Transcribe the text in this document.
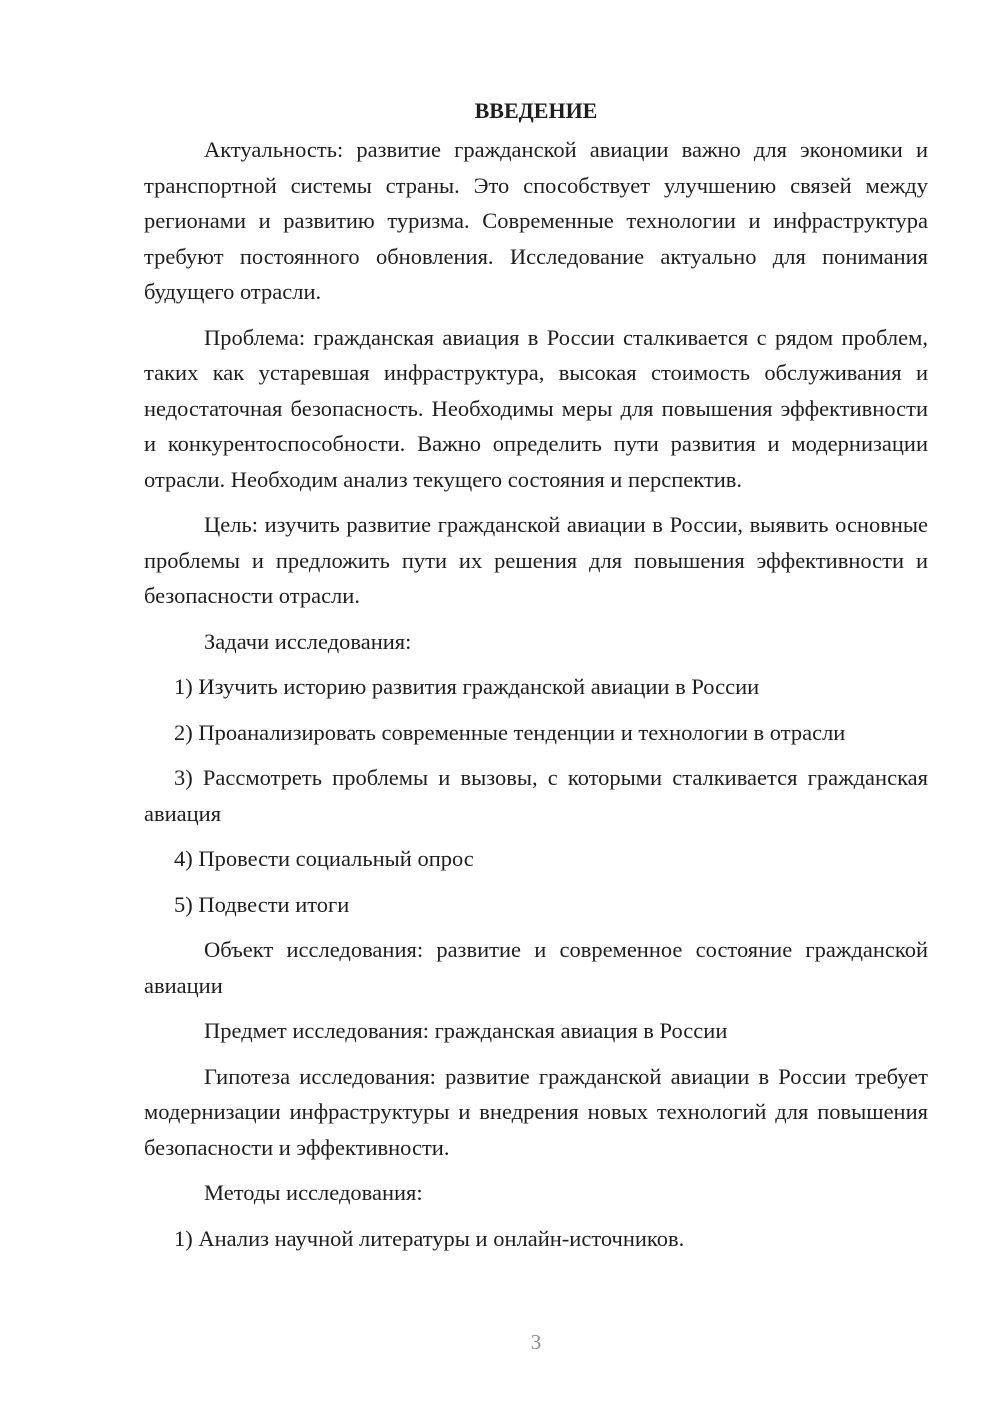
ВВЕДЕНИЕ

Актуальность: развитие гражданской авиации важно для экономики и транспортной системы страны. Это способствует улучшению связей между регионами и развитию туризма. Современные технологии и инфраструктура требуют постоянного обновления. Исследование актуально для понимания будущего отрасли.

Проблема: гражданская авиация в России сталкивается с рядом проблем, таких как устаревшая инфраструктура, высокая стоимость обслуживания и недостаточная безопасность. Необходимы меры для повышения эффективности и конкурентоспособности. Важно определить пути развития и модернизации отрасли. Необходим анализ текущего состояния и перспектив.

Цель: изучить развитие гражданской авиации в России, выявить основные проблемы и предложить пути их решения для повышения эффективности и безопасности отрасли.

Задачи исследования:

1) Изучить историю развития гражданской авиации в России

2) Проанализировать современные тенденции и технологии в отрасли

3) Рассмотреть проблемы и вызовы, с которыми сталкивается гражданская авиация

4) Провести социальный опрос

5) Подвести итоги

Объект исследования: развитие и современное состояние гражданской авиации

Предмет исследования: гражданская авиация в России

Гипотеза исследования: развитие гражданской авиации в России требует модернизации инфраструктуры и внедрения новых технологий для повышения безопасности и эффективности.

Методы исследования:

1) Анализ научной литературы и онлайн-источников.

3
